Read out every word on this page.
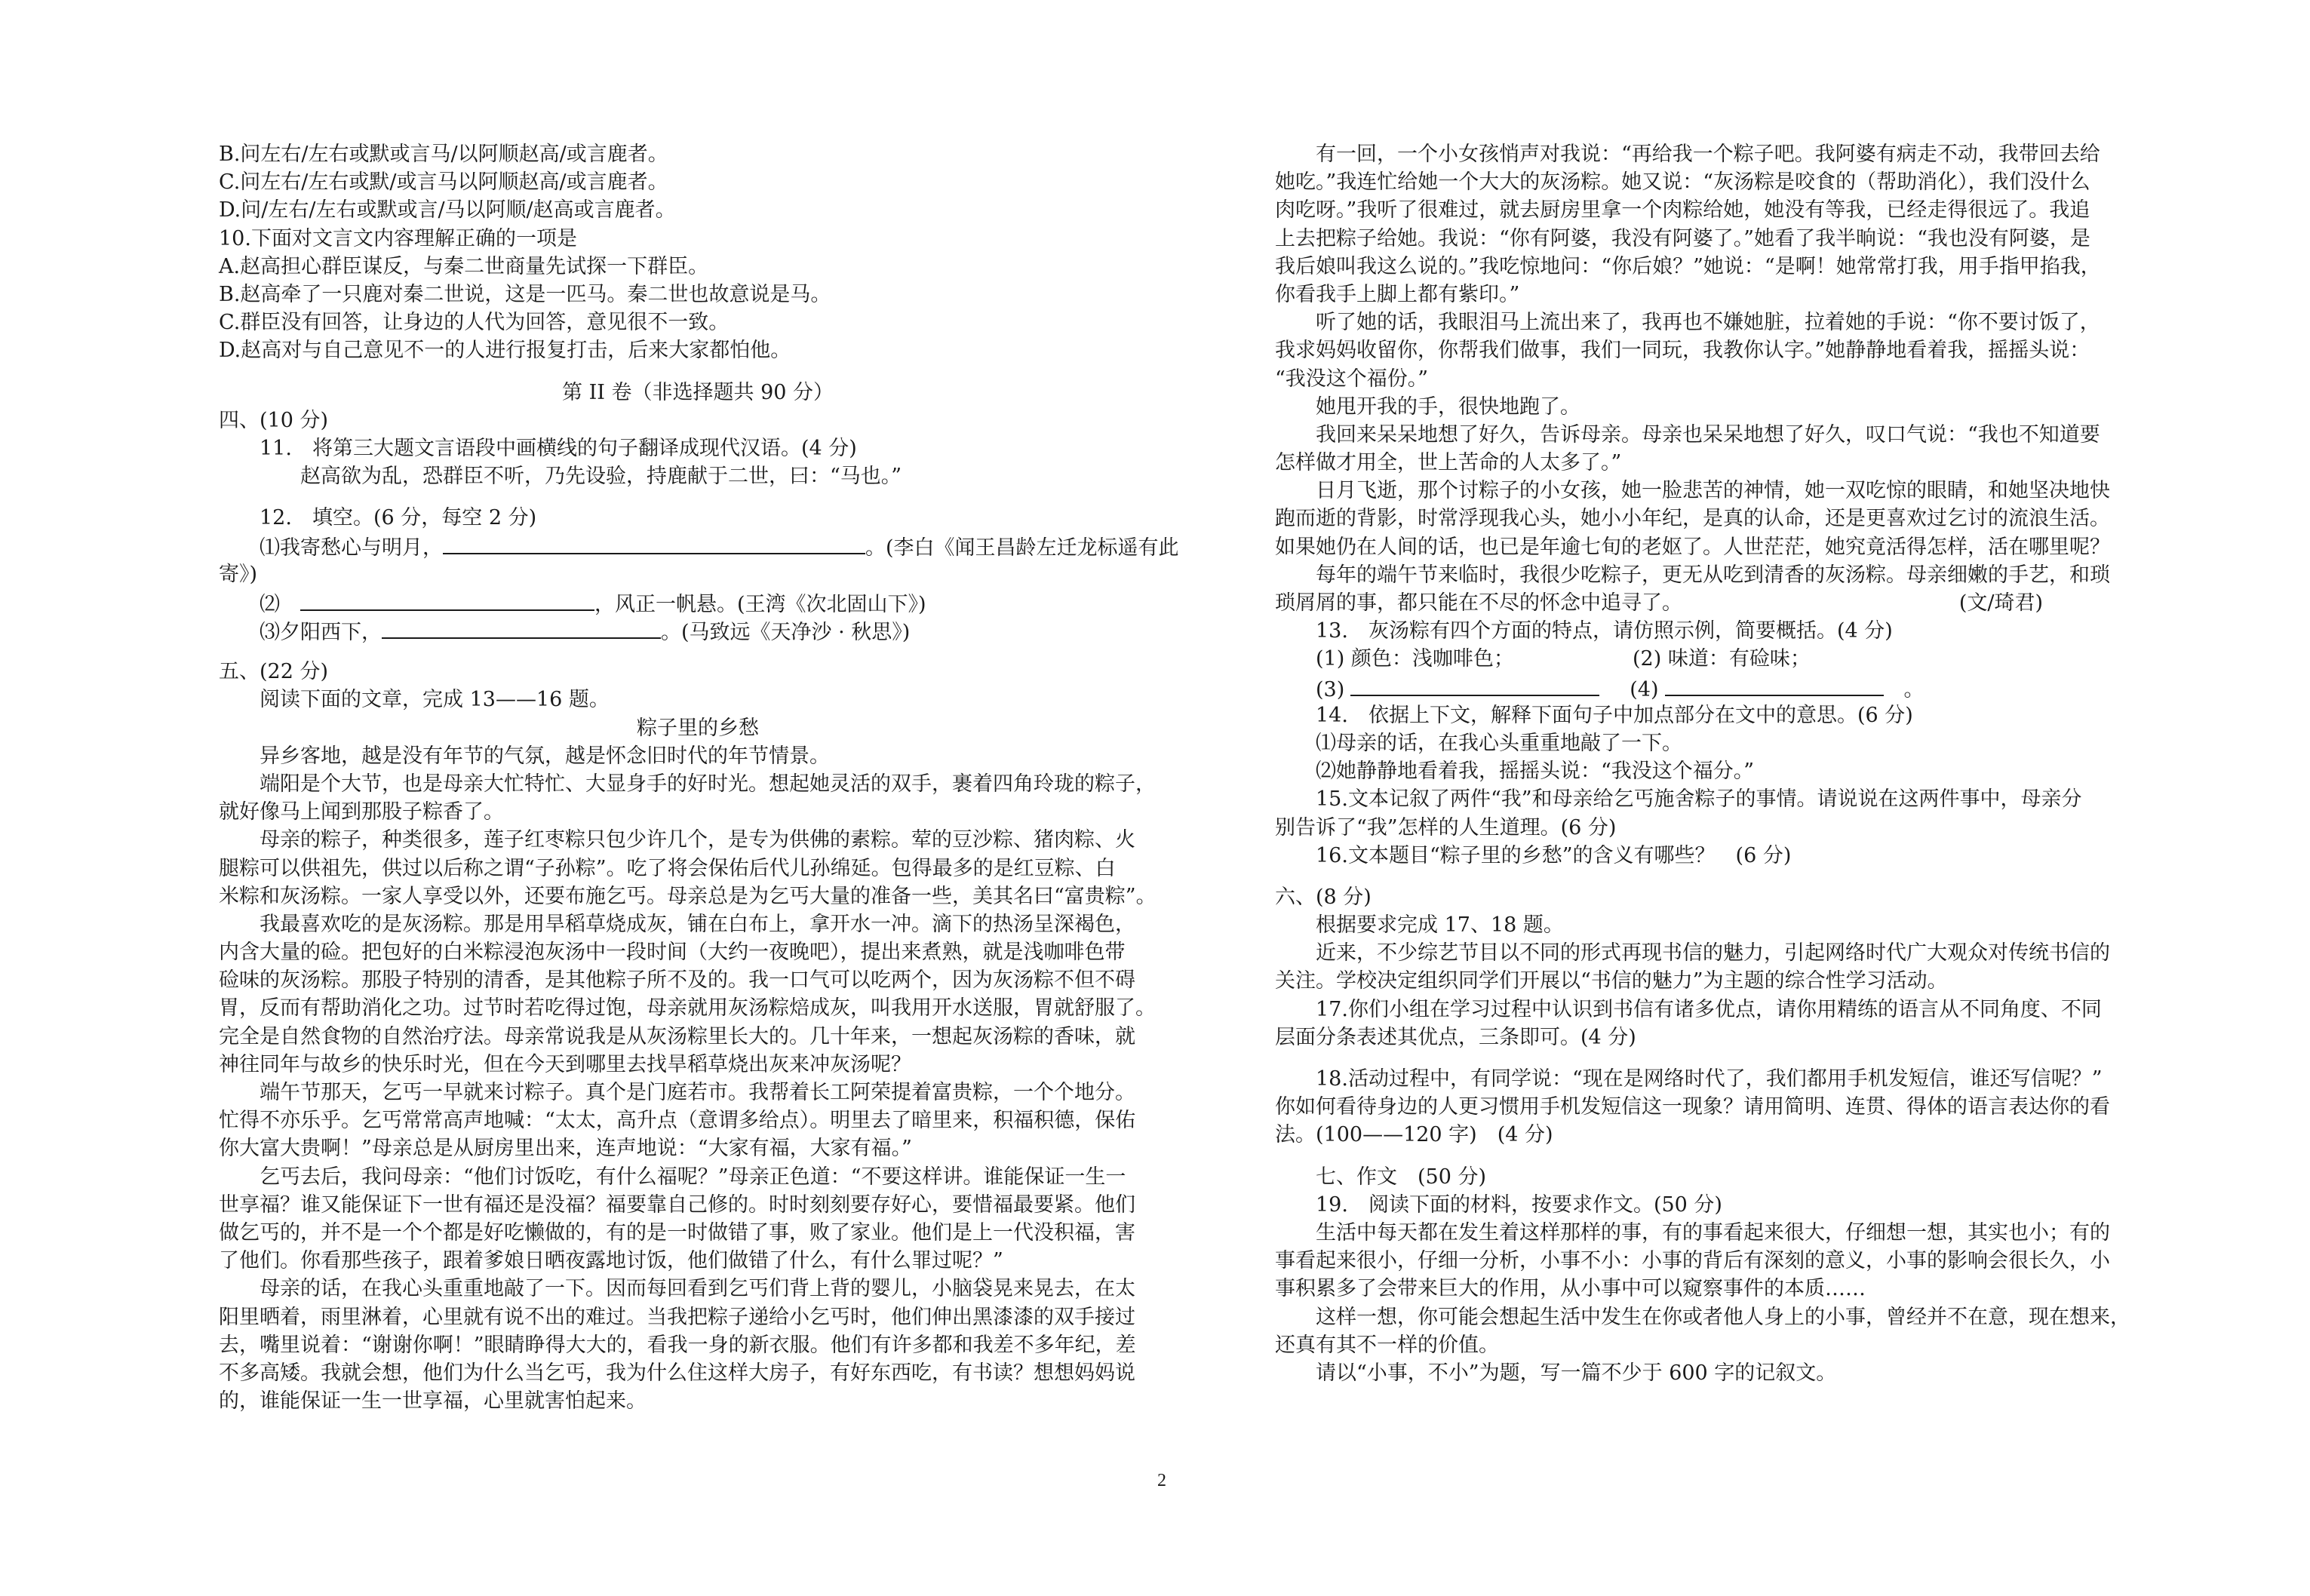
B.问左右/左右或默或言马/以阿顺赵高/或言鹿者。
C.问左右/左右或默/或言马以阿顺赵高/或言鹿者。
D.问/左右/左右或默或言/马以阿顺/赵高或言鹿者。
10.下面对文言文内容理解正确的一项是
A.赵高担心群臣谋反，与秦二世商量先试探一下群臣。
B.赵高牵了一只鹿对秦二世说，这是一匹马。秦二世也故意说是马。
C.群臣没有回答，让身边的人代为回答，意见很不一致。
D.赵高对与自己意见不一的人进行报复打击，后来大家都怕他。
第 II 卷（非选择题共 90 分）
四、(10 分)
11.　将第三大题文言语段中画横线的句子翻译成现代汉语。(4 分)
赵高欲为乱，恐群臣不听，乃先设验，持鹿献于二世，曰：“马也。”
12.　填空。(6 分，每空 2 分)
⑴我寄愁心与明月，	。(李白《闻王昌龄左迁龙标遥有此
寄》)
⑵　	，风正一帆悬。(王湾《次北固山下》)
⑶夕阳西下，	。(马致远《天净沙 · 秋思》)
五、(22 分)
阅读下面的文章，完成 13——16 题。
粽子里的乡愁
异乡客地，越是没有年节的气氛，越是怀念旧时代的年节情景。
端阳是个大节，也是母亲大忙特忙、大显身手的好时光。想起她灵活的双手，裹着四角玲珑的粽子，
就好像马上闻到那股子粽香了。
母亲的粽子，种类很多，莲子红枣粽只包少许几个，是专为供佛的素粽。荤的豆沙粽、猪肉粽、火
腿粽可以供祖先，供过以后称之谓“子孙粽”。吃了将会保佑后代儿孙绵延。包得最多的是红豆粽、白
米粽和灰汤粽。一家人享受以外，还要布施乞丐。母亲总是为乞丐大量的准备一些，美其名曰“富贵粽”。
我最喜欢吃的是灰汤粽。那是用旱稻草烧成灰，铺在白布上，拿开水一冲。滴下的热汤呈深褐色，
内含大量的硷。把包好的白米粽浸泡灰汤中一段时间（大约一夜晚吧），提出来煮熟，就是浅咖啡色带
硷味的灰汤粽。那股子特别的清香，是其他粽子所不及的。我一口气可以吃两个，因为灰汤粽不但不碍
胃，反而有帮助消化之功。过节时若吃得过饱，母亲就用灰汤粽焙成灰，叫我用开水送服，胃就舒服了。
完全是自然食物的自然治疗法。母亲常说我是从灰汤粽里长大的。几十年来，一想起灰汤粽的香味，就
神往同年与故乡的快乐时光，但在今天到哪里去找旱稻草烧出灰来冲灰汤呢？
端午节那天，乞丐一早就来讨粽子。真个是门庭若市。我帮着长工阿荣提着富贵粽，一个个地分。
忙得不亦乐乎。乞丐常常高声地喊：“太太，高升点（意谓多给点）。明里去了暗里来，积福积德，保佑
你大富大贵啊！”母亲总是从厨房里出来，连声地说：“大家有福，大家有福。”
乞丐去后，我问母亲：“他们讨饭吃，有什么福呢？”母亲正色道：“不要这样讲。谁能保证一生一
世享福？谁又能保证下一世有福还是没福？福要靠自己修的。时时刻刻要存好心，要惜福最要紧。他们
做乞丐的，并不是一个个都是好吃懒做的，有的是一时做错了事，败了家业。他们是上一代没积福，害
了他们。你看那些孩子，跟着爹娘日晒夜露地讨饭，他们做错了什么，有什么罪过呢？”
母亲的话，在我心头重重地敲了一下。因而每回看到乞丐们背上背的婴儿，小脑袋晃来晃去，在太
阳里晒着，雨里淋着，心里就有说不出的难过。当我把粽子递给小乞丐时，他们伸出黑漆漆的双手接过
去，嘴里说着：“谢谢你啊！”眼睛睁得大大的，看我一身的新衣服。他们有许多都和我差不多年纪，差
不多高矮。我就会想，他们为什么当乞丐，我为什么住这样大房子，有好东西吃，有书读？想想妈妈说
的，谁能保证一生一世享福，心里就害怕起来。
有一回，一个小女孩悄声对我说：“再给我一个粽子吧。我阿婆有病走不动，我带回去给
她吃。”我连忙给她一个大大的灰汤粽。她又说：“灰汤粽是咬食的（帮助消化），我们没什么
肉吃呀。”我听了很难过，就去厨房里拿一个肉粽给她，她没有等我，已经走得很远了。我追
上去把粽子给她。我说：“你有阿婆，我没有阿婆了。”她看了我半晌说：“我也没有阿婆，是
我后娘叫我这么说的。”我吃惊地问：“你后娘？”她说：“是啊！她常常打我，用手指甲掐我，
你看我手上脚上都有紫印。”
听了她的话，我眼泪马上流出来了，我再也不嫌她脏，拉着她的手说：“你不要讨饭了，
我求妈妈收留你，你帮我们做事，我们一同玩，我教你认字。”她静静地看着我，摇摇头说：
“我没这个福份。”
她甩开我的手，很快地跑了。
我回来呆呆地想了好久，告诉母亲。母亲也呆呆地想了好久，叹口气说：“我也不知道要
怎样做才用全，世上苦命的人太多了。”
日月飞逝，那个讨粽子的小女孩，她一脸悲苦的神情，她一双吃惊的眼睛，和她坚决地快
跑而逝的背影，时常浮现我心头，她小小年纪，是真的认命，还是更喜欢过乞讨的流浪生活。
如果她仍在人间的话，也已是年逾七旬的老妪了。人世茫茫，她究竟活得怎样，活在哪里呢？
每年的端午节来临时，我很少吃粽子，更无从吃到清香的灰汤粽。母亲细嫩的手艺，和琐
琐屑屑的事，都只能在不尽的怀念中追寻了。	(文/琦君)
13.　灰汤粽有四个方面的特点，请仿照示例，简要概括。(4 分)
(1) 颜色：浅咖啡色；	(2) 味道：有硷味；
(3)	(4)　	。
14.　依据上下文，解释下面句子中加点部分在文中的意思。(6 分)
⑴母亲的话，在我心头重重地敲了一下。
⑵她静静地看着我，摇摇头说：“我没这个福分。”
15.文本记叙了两件“我”和母亲给乞丐施舍粽子的事情。请说说在这两件事中，母亲分
别告诉了“我”怎样的人生道理。(6 分)
16.文本题目“粽子里的乡愁”的含义有哪些？　(6 分)
六、(8 分)
根据要求完成 17、18 题。
近来，不少综艺节目以不同的形式再现书信的魅力，引起网络时代广大观众对传统书信的
关注。学校决定组织同学们开展以“书信的魅力”为主题的综合性学习活动。
17.你们小组在学习过程中认识到书信有诸多优点，请你用精练的语言从不同角度、不同
层面分条表述其优点，三条即可。(4 分)
18.活动过程中，有同学说：“现在是网络时代了，我们都用手机发短信，谁还写信呢？”
你如何看待身边的人更习惯用手机发短信这一现象？请用简明、连贯、得体的语言表达你的看
法。(100——120 字)　(4 分)
七、作文　(50 分)
19.　阅读下面的材料，按要求作文。(50 分)
生活中每天都在发生着这样那样的事，有的事看起来很大，仔细想一想，其实也小；有的
事看起来很小，仔细一分析，小事不小：小事的背后有深刻的意义，小事的影响会很长久，小
事积累多了会带来巨大的作用，从小事中可以窥察事件的本质……
这样一想，你可能会想起生活中发生在你或者他人身上的小事，曾经并不在意，现在想来，
还真有其不一样的价值。
请以“小事，不小”为题，写一篇不少于 600 字的记叙文。
2
